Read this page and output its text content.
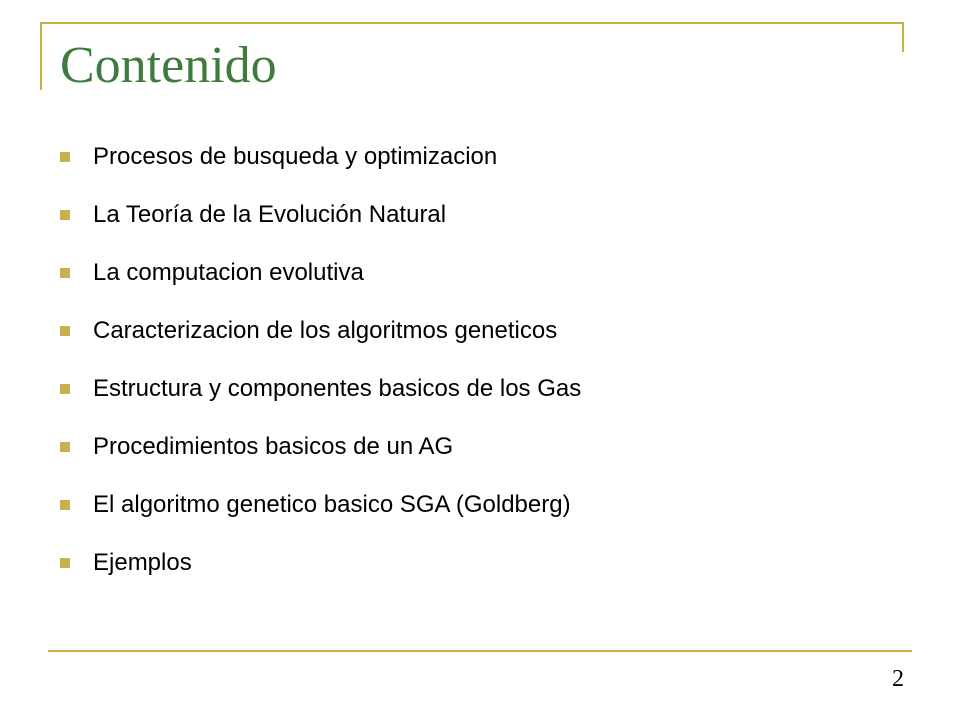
Contenido
Procesos de busqueda y optimizacion
La Teoría de la Evolución Natural
La computacion evolutiva
Caracterizacion de los algoritmos geneticos
Estructura y componentes basicos de los Gas
Procedimientos basicos de un AG
El algoritmo genetico basico SGA (Goldberg)
Ejemplos
2
